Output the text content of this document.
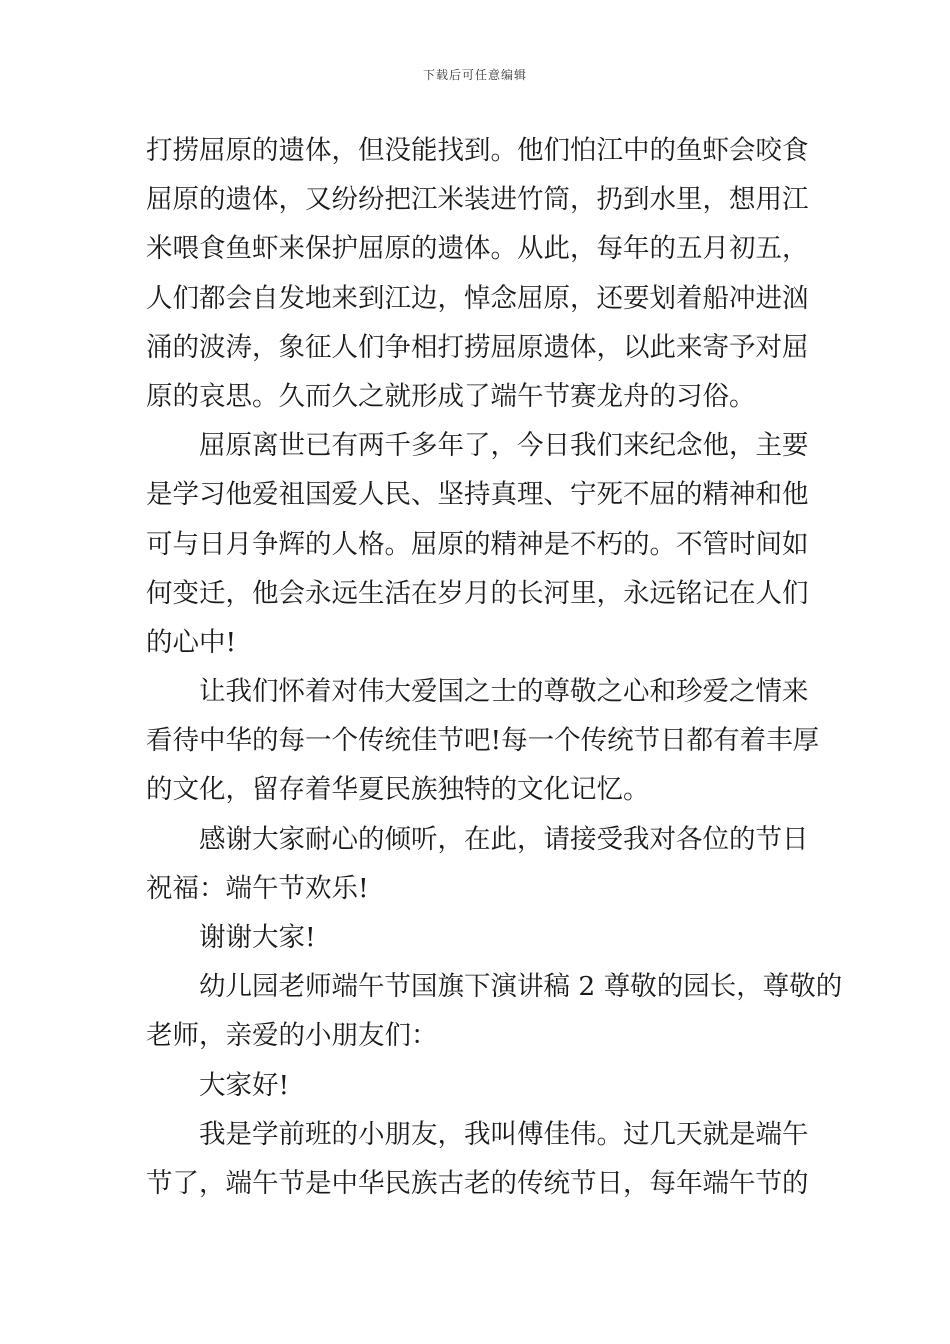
下载后可任意编辑
打捞屈原的遗体，但没能找到。他们怕江中的鱼虾会咬食
屈原的遗体，又纷纷把江米装进竹筒，扔到水里，想用江
米喂食鱼虾来保护屈原的遗体。从此，每年的五月初五，
人们都会自发地来到江边，悼念屈原，还要划着船冲进汹
涌的波涛，象征人们争相打捞屈原遗体，以此来寄予对屈
原的哀思。久而久之就形成了端午节赛龙舟的习俗。
屈原离世已有两千多年了，今日我们来纪念他，主要
是学习他爱祖国爱人民、坚持真理、宁死不屈的精神和他
可与日月争辉的人格。屈原的精神是不朽的。不管时间如
何变迁，他会永远生活在岁月的长河里，永远铭记在人们
的心中!
让我们怀着对伟大爱国之士的尊敬之心和珍爱之情来
看待中华的每一个传统佳节吧!每一个传统节日都有着丰厚
的文化，留存着华夏民族独特的文化记忆。
感谢大家耐心的倾听，在此，请接受我对各位的节日
祝福：端午节欢乐!
谢谢大家!
幼儿园老师端午节国旗下演讲稿 2 尊敬的园长，尊敬的
老师，亲爱的小朋友们：
大家好!
我是学前班的小朋友，我叫傅佳伟。过几天就是端午
节了，端午节是中华民族古老的传统节日，每年端午节的
